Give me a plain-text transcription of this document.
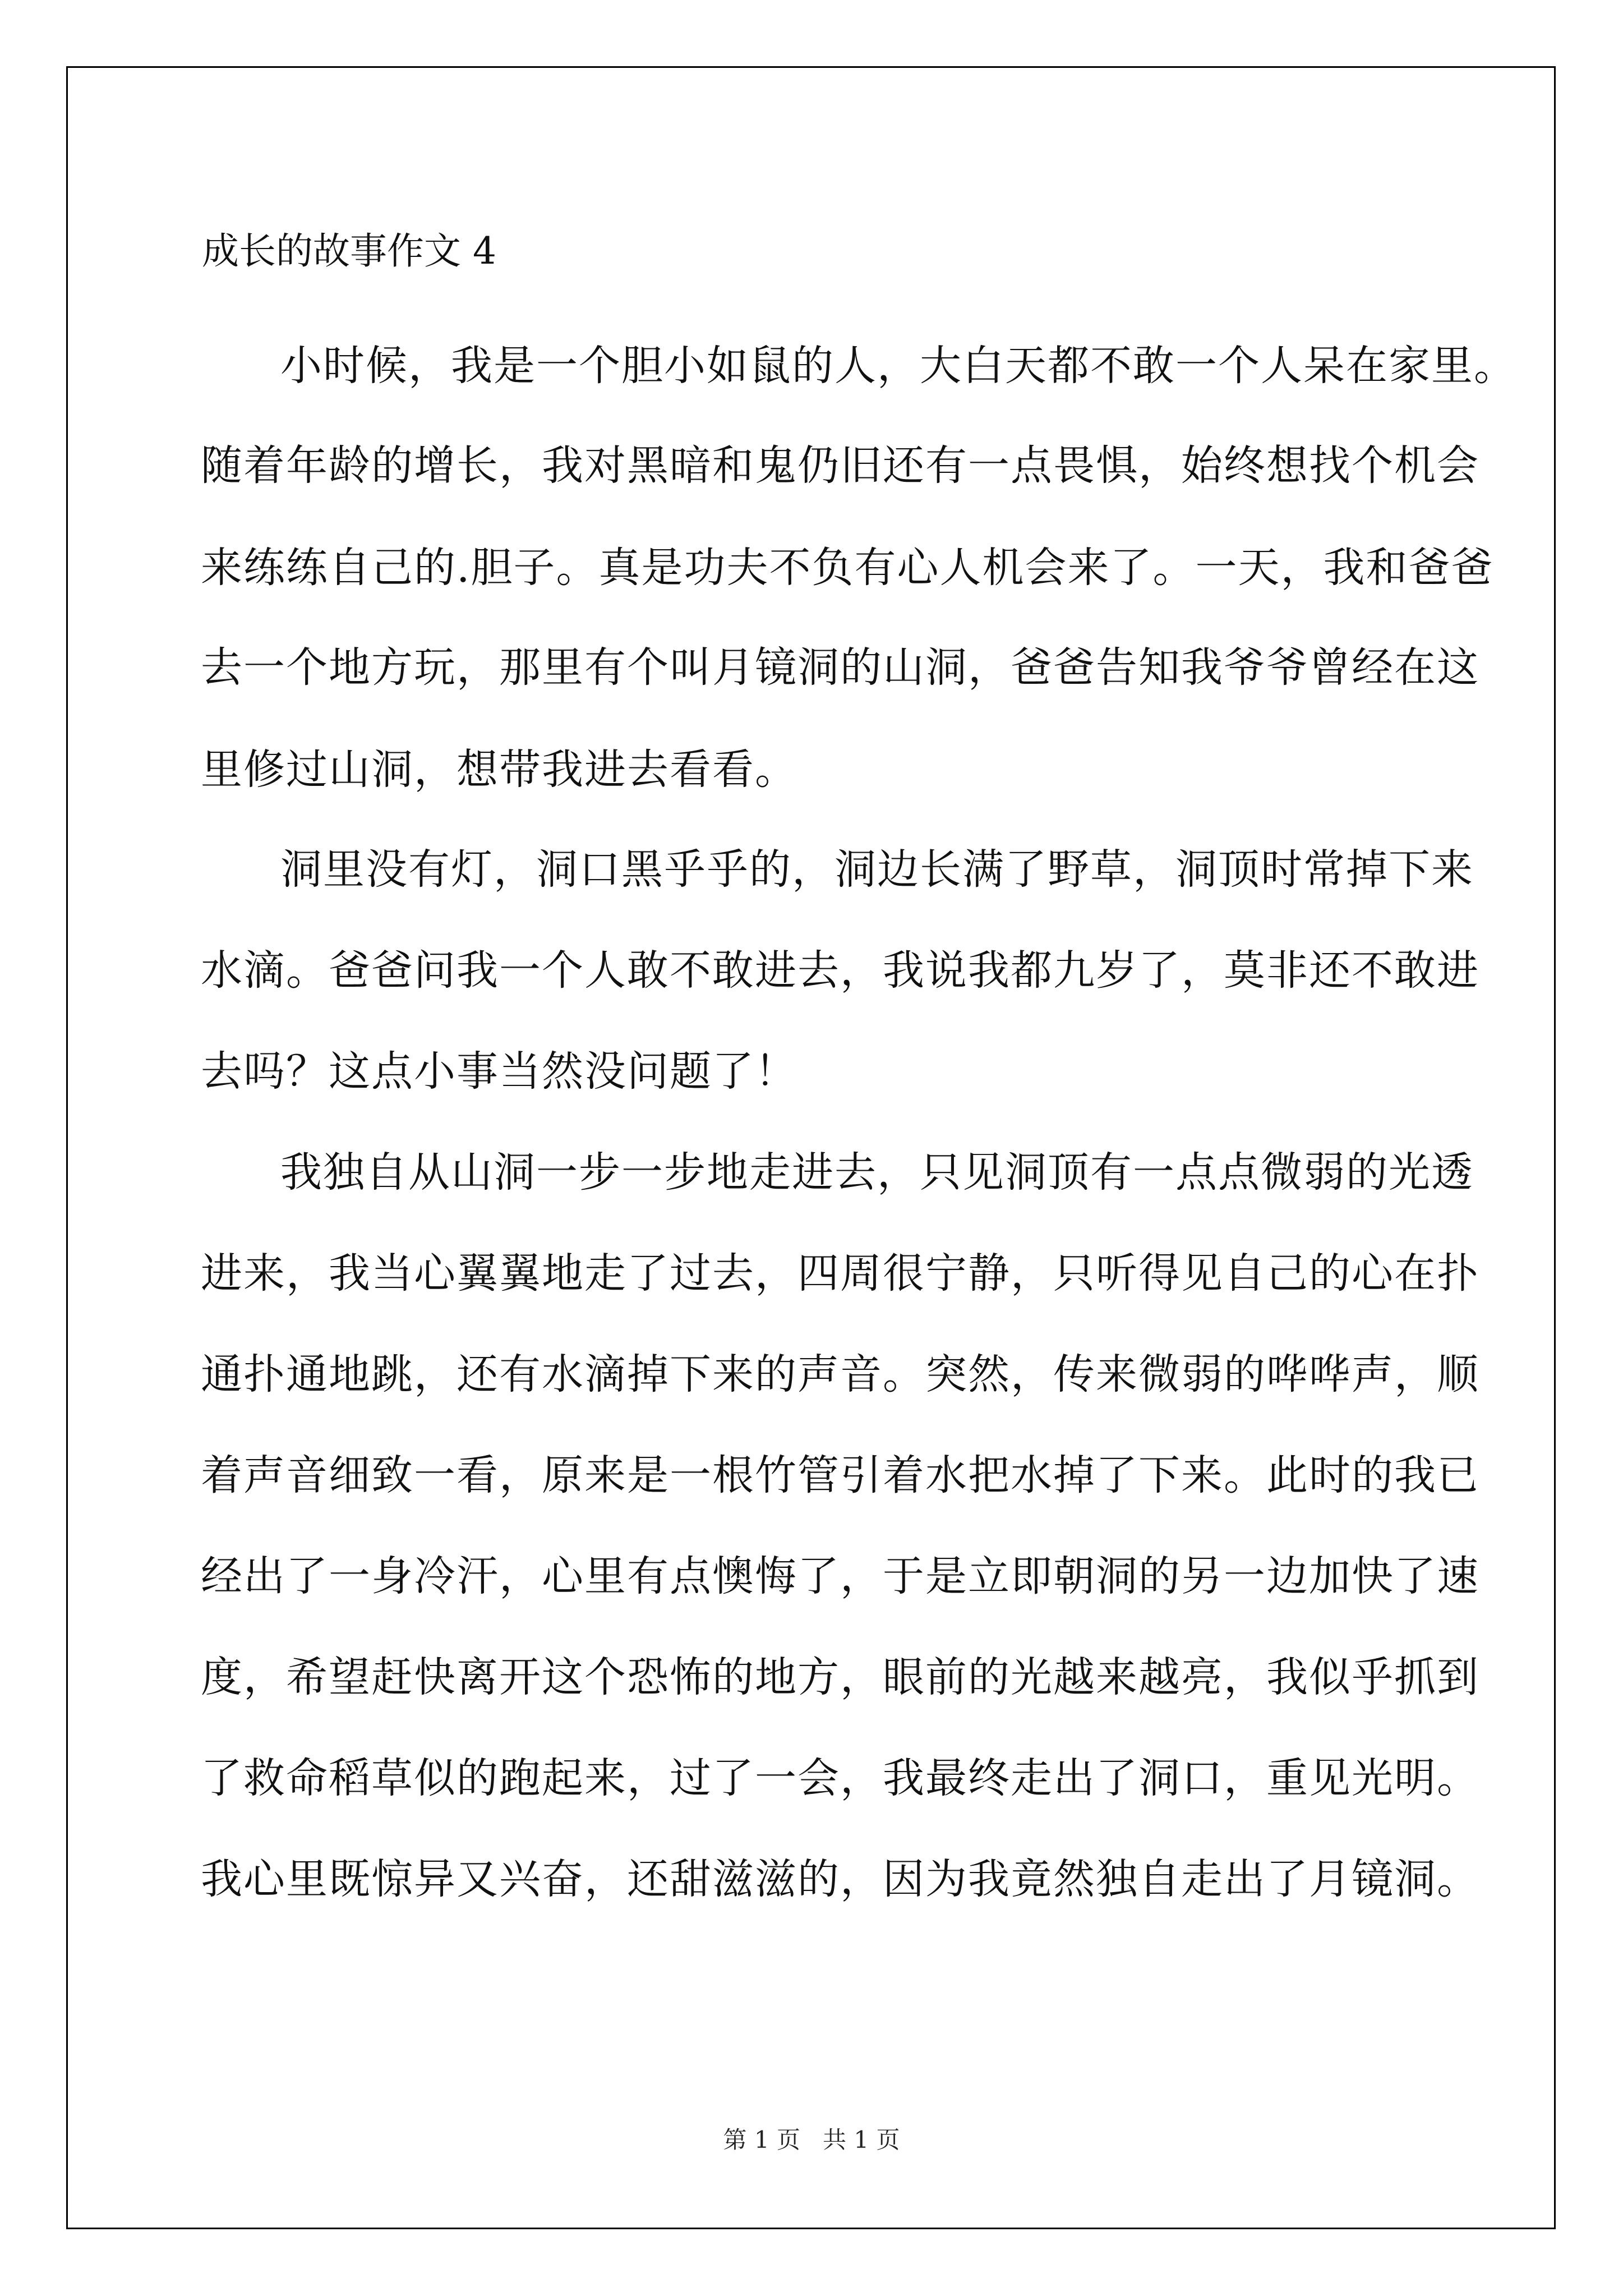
成长的故事作文 4

小时候，我是一个胆小如鼠的人，大白天都不敢一个人呆在家里。

随着年龄的增长，我对黑暗和鬼仍旧还有一点畏惧，始终想找个机会

来练练自己的.胆子。真是功夫不负有心人机会来了。一天，我和爸爸

去一个地方玩，那里有个叫月镜洞的山洞，爸爸告知我爷爷曾经在这

里修过山洞，想带我进去看看。

洞里没有灯，洞口黑乎乎的，洞边长满了野草，洞顶时常掉下来

水滴。爸爸问我一个人敢不敢进去，我说我都九岁了，莫非还不敢进

去吗？这点小事当然没问题了！

我独自从山洞一步一步地走进去，只见洞顶有一点点微弱的光透

进来，我当心翼翼地走了过去，四周很宁静，只听得见自己的心在扑

通扑通地跳，还有水滴掉下来的声音。突然，传来微弱的哗哗声，顺

着声音细致一看，原来是一根竹管引着水把水掉了下来。此时的我已

经出了一身冷汗，心里有点懊悔了，于是立即朝洞的另一边加快了速

度，希望赶快离开这个恐怖的地方，眼前的光越来越亮，我似乎抓到

了救命稻草似的跑起来，过了一会，我最终走出了洞口，重见光明。

我心里既惊异又兴奋，还甜滋滋的，因为我竟然独自走出了月镜洞。

第 1 页   共 1 页
